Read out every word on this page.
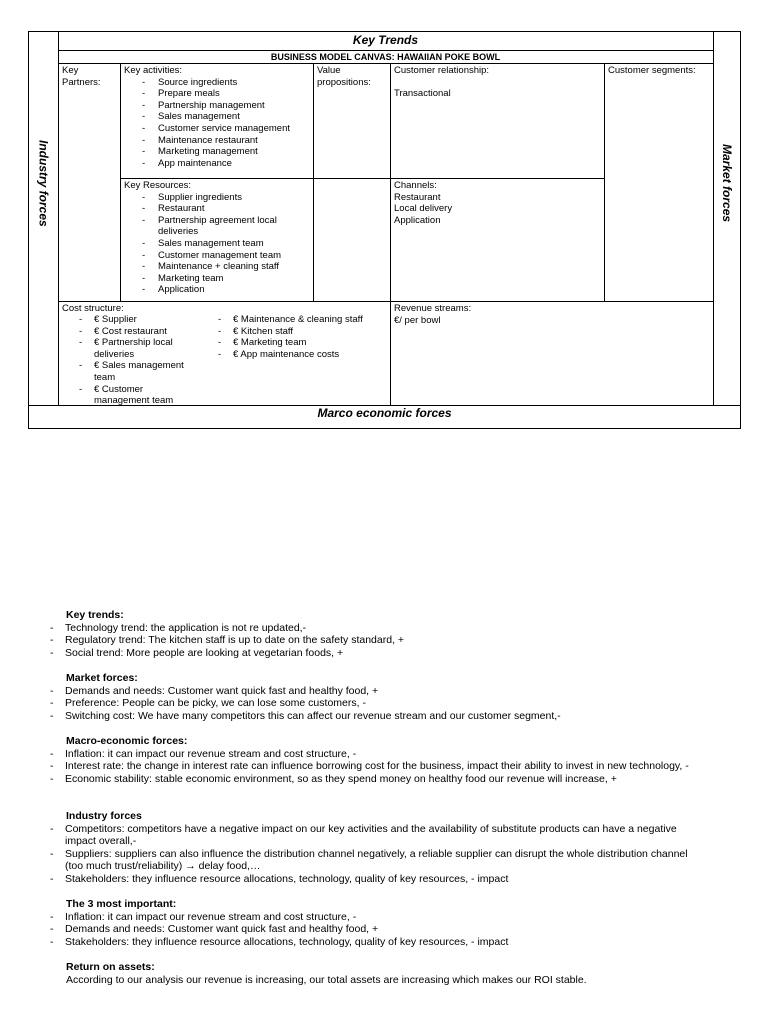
Key Trends
BUSINESS MODEL CANVAS: HAWAIIAN POKE BOWL
Industry forces	Market forces
Key Partners:
Key activities:
- Source ingredients
- Prepare meals
- Partnership management
- Sales management
- Customer service management
- Maintenance restaurant
- Marketing management
- App maintenance
Key Resources:
- Supplier ingredients
- Restaurant
- Partnership agreement local deliveries
- Sales management team
- Customer management team
- Maintenance + cleaning staff
- Marketing team
- Application
Value propositions:
Customer relationship:
Transactional
Channels:
Restaurant
Local delivery
Application
Customer segments:
Cost structure:
- € Supplier
- € Cost restaurant
- € Partnership local deliveries
- € Sales management team
- € Customer management team
- € Maintenance & cleaning staff
- € Kitchen staff
- € Marketing team
- € App maintenance costs
Revenue streams:
€/ per bowl
Marco economic forces
Key trends:
- Technology trend: the application is not re updated,-
- Regulatory trend: The kitchen staff is up to date on the safety standard, +
- Social trend: More people are looking at vegetarian foods, +
Market forces:
- Demands and needs: Customer want quick fast and healthy food, +
- Preference: People can be picky, we can lose some customers, -
- Switching cost: We have many competitors this can affect our revenue stream and our customer segment,-
Macro-economic forces:
- Inflation: it can impact our revenue stream and cost structure, -
- Interest rate: the change in interest rate can influence borrowing cost for the business, impact their ability to invest in new technology, -
- Economic stability: stable economic environment, so as they spend money on healthy food our revenue will increase, +
Industry forces
- Competitors: competitors have a negative impact on our key activities and the availability of substitute products can have a negative impact overall,-
- Suppliers: suppliers can also influence the distribution channel negatively, a reliable supplier can disrupt the whole distribution channel (too much trust/reliability) → delay food,…
- Stakeholders: they influence resource allocations, technology, quality of key resources, - impact
The 3 most important:
- Inflation: it can impact our revenue stream and cost structure, -
- Demands and needs: Customer want quick fast and healthy food, +
- Stakeholders: they influence resource allocations, technology, quality of key resources, - impact
Return on assets:
According to our analysis our revenue is increasing, our total assets are increasing which makes our ROI stable.
